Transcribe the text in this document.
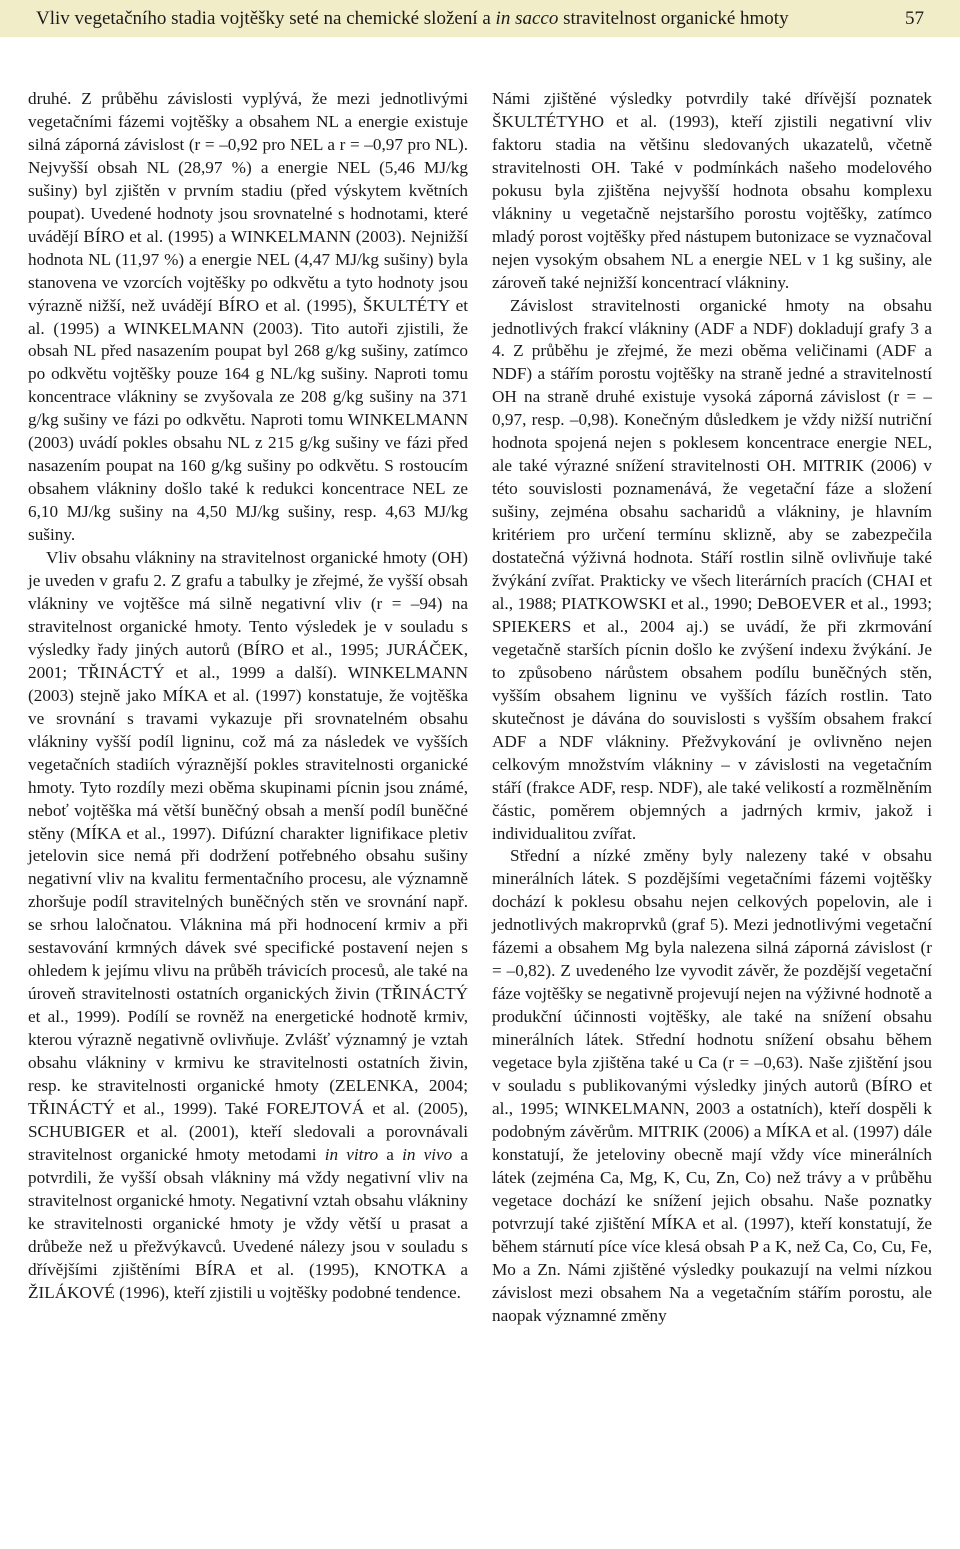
Vliv vegetačního stadia vojtěšky seté na chemické složení a in sacco stravitelnost organické hmoty	57

druhé. Z průběhu závislosti vyplývá, že mezi jednotlivými vegetačními fázemi vojtěšky a obsahem NL a energie existuje silná záporná závislost (r = –0,92 pro NEL a r = –0,97 pro NL). Nejvyšší obsah NL (28,97 %) a energie NEL (5,46 MJ/kg sušiny) byl zjištěn v prvním stadiu (před výskytem květních poupat). Uvedené hodnoty jsou srovnatelné s hodnotami, které uvádějí BÍRO et al. (1995) a WINKELMANN (2003). Nejnižší hodnota NL (11,97 %) a energie NEL (4,47 MJ/kg sušiny) byla stanovena ve vzorcích vojtěšky po odkvětu a tyto hodnoty jsou výrazně nižší, než uvádějí BÍRO et al. (1995), ŠKULTÉTY et al. (1995) a WINKELMANN (2003). Tito autoři zjistili, že obsah NL před nasazením poupat byl 268 g/kg sušiny, zatímco po odkvětu vojtěšky pouze 164 g NL/kg sušiny. Naproti tomu koncentrace vlákniny se zvyšovala ze 208 g/kg sušiny na 371 g/kg sušiny ve fázi po odkvětu. Naproti tomu WINKELMANN (2003) uvádí pokles obsahu NL z 215 g/kg sušiny ve fázi před nasazením poupat na 160 g/kg sušiny po odkvětu. S rostoucím obsahem vlákniny došlo také k redukci koncentrace NEL ze 6,10 MJ/kg sušiny na 4,50 MJ/kg sušiny, resp. 4,63 MJ/kg sušiny.

Vliv obsahu vlákniny na stravitelnost organické hmoty (OH) je uveden v grafu 2. Z grafu a tabulky je zřejmé, že vyšší obsah vlákniny ve vojtěšce má silně negativní vliv (r = –94) na stravitelnost organické hmoty. Tento výsledek je v souladu s výsledky řady jiných autorů (BÍRO et al., 1995; JURÁČEK, 2001; TŘINÁCTÝ et al., 1999 a další). WINKELMANN (2003) stejně jako MÍKA et al. (1997) konstatuje, že vojtěška ve srovnání s travami vykazuje při srovnatelném obsahu vlákniny vyšší podíl ligninu, což má za následek ve vyšších vegetačních stadiích výraznější pokles stravitelnosti organické hmoty. Tyto rozdíly mezi oběma skupinami pícnin jsou známé, neboť vojtěška má větší buněčný obsah a menší podíl buněčné stěny (MÍKA et al., 1997). Difúzní charakter lignifikace pletiv jetelovin sice nemá při dodržení potřebného obsahu sušiny negativní vliv na kvalitu fermentačního procesu, ale významně zhoršuje podíl stravitelných buněčných stěn ve srovnání např. se srhou laločnatou. Vláknina má při hodnocení krmiv a při sestavování krmných dávek své specifické postavení nejen s ohledem k jejímu vlivu na průběh trávicích procesů, ale také na úroveň stravitelnosti ostatních organických živin (TŘINÁCTÝ et al., 1999). Podílí se rovněž na energetické hodnotě krmiv, kterou výrazně negativně ovlivňuje. Zvlášť významný je vztah obsahu vlákniny v krmivu ke stravitelnosti ostatních živin, resp. ke stravitelnosti organické hmoty (ZELENKA, 2004; TŘINÁCTÝ et al., 1999). Také FOREJTOVÁ et al. (2005), SCHUBIGER et al. (2001), kteří sledovali a porovnávali stravitelnost organické hmoty metodami in vitro a in vivo a potvrdili, že vyšší obsah vlákniny má vždy negativní vliv na stravitelnost organické hmoty. Negativní vztah obsahu vlákniny ke stravitelnosti organické hmoty je vždy větší u prasat a drůbeže než u přežvýkavců. Uvedené nálezy jsou v souladu s dřívějšími zjištěními BÍRA et al. (1995), KNOTKA a ŽILÁKOVÉ (1996), kteří zjistili u vojtěšky podobné tendence.

Námi zjištěné výsledky potvrdily také dřívější poznatek ŠKULTÉTYHO et al. (1993), kteří zjistili negativní vliv faktoru stadia na většinu sledovaných ukazatelů, včetně stravitelnosti OH. Také v podmínkách našeho modelového pokusu byla zjištěna nejvyšší hodnota obsahu komplexu vlákniny u vegetačně nejstaršího porostu vojtěšky, zatímco mladý porost vojtěšky před nástupem butonizace se vyznačoval nejen vysokým obsahem NL a energie NEL v 1 kg sušiny, ale zároveň také nejnižší koncentrací vlákniny.

Závislost stravitelnosti organické hmoty na obsahu jednotlivých frakcí vlákniny (ADF a NDF) dokladují grafy 3 a 4. Z průběhu je zřejmé, že mezi oběma veličinami (ADF a NDF) a stářím porostu vojtěšky na straně jedné a stravitelností OH na straně druhé existuje vysoká záporná závislost (r = –0,97, resp. –0,98). Konečným důsledkem je vždy nižší nutriční hodnota spojená nejen s poklesem koncentrace energie NEL, ale také výrazné snížení stravitelnosti OH. MITRIK (2006) v této souvislosti poznamenává, že vegetační fáze a složení sušiny, zejména obsahu sacharidů a vlákniny, je hlavním kritériem pro určení termínu sklizně, aby se zabezpečila dostatečná výživná hodnota. Stáří rostlin silně ovlivňuje také žvýkání zvířat. Prakticky ve všech literárních pracích (CHAI et al., 1988; PIATKOWSKI et al., 1990; DeBOEVER et al., 1993; SPIEKERS et al., 2004 aj.) se uvádí, že při zkrmování vegetačně starších pícnin došlo ke zvýšení indexu žvýkání. Je to způsobeno nárůstem obsahem podílu buněčných stěn, vyšším obsahem ligninu ve vyšších fázích rostlin. Tato skutečnost je dávána do souvislosti s vyšším obsahem frakcí ADF a NDF vlákniny. Přežvykování je ovlivněno nejen celkovým množstvím vlákniny – v závislosti na vegetačním stáří (frakce ADF, resp. NDF), ale také velikostí a rozmělněním částic, poměrem objemných a jadrných krmiv, jakož i individualitou zvířat.

Střední a nízké změny byly nalezeny také v obsahu minerálních látek. S pozdějšími vegetačními fázemi vojtěšky dochází k poklesu obsahu nejen celkových popelovin, ale i jednotlivých makroprvků (graf 5). Mezi jednotlivými vegetační fázemi a obsahem Mg byla nalezena silná záporná závislost (r = –0,82). Z uvedeného lze vyvodit závěr, že pozdější vegetační fáze vojtěšky se negativně projevují nejen na výživné hodnotě a produkční účinnosti vojtěšky, ale také na snížení obsahu minerálních látek. Střední hodnotu snížení obsahu během vegetace byla zjištěna také u Ca (r = –0,63). Naše zjištění jsou v souladu s publikovanými výsledky jiných autorů (BÍRO et al., 1995; WINKELMANN, 2003 a ostatních), kteří dospěli k podobným závěrům. MITRIK (2006) a MÍKA et al. (1997) dále konstatují, že jeteloviny obecně mají vždy více minerálních látek (zejména Ca, Mg, K, Cu, Zn, Co) než trávy a v průběhu vegetace dochází ke snížení jejich obsahu. Naše poznatky potvrzují také zjištění MÍKA et al. (1997), kteří konstatují, že během stárnutí píce více klesá obsah P a K, než Ca, Co, Cu, Fe, Mo a Zn. Námi zjištěné výsledky poukazují na velmi nízkou závislost mezi obsahem Na a vegetačním stářím porostu, ale naopak významné změny
